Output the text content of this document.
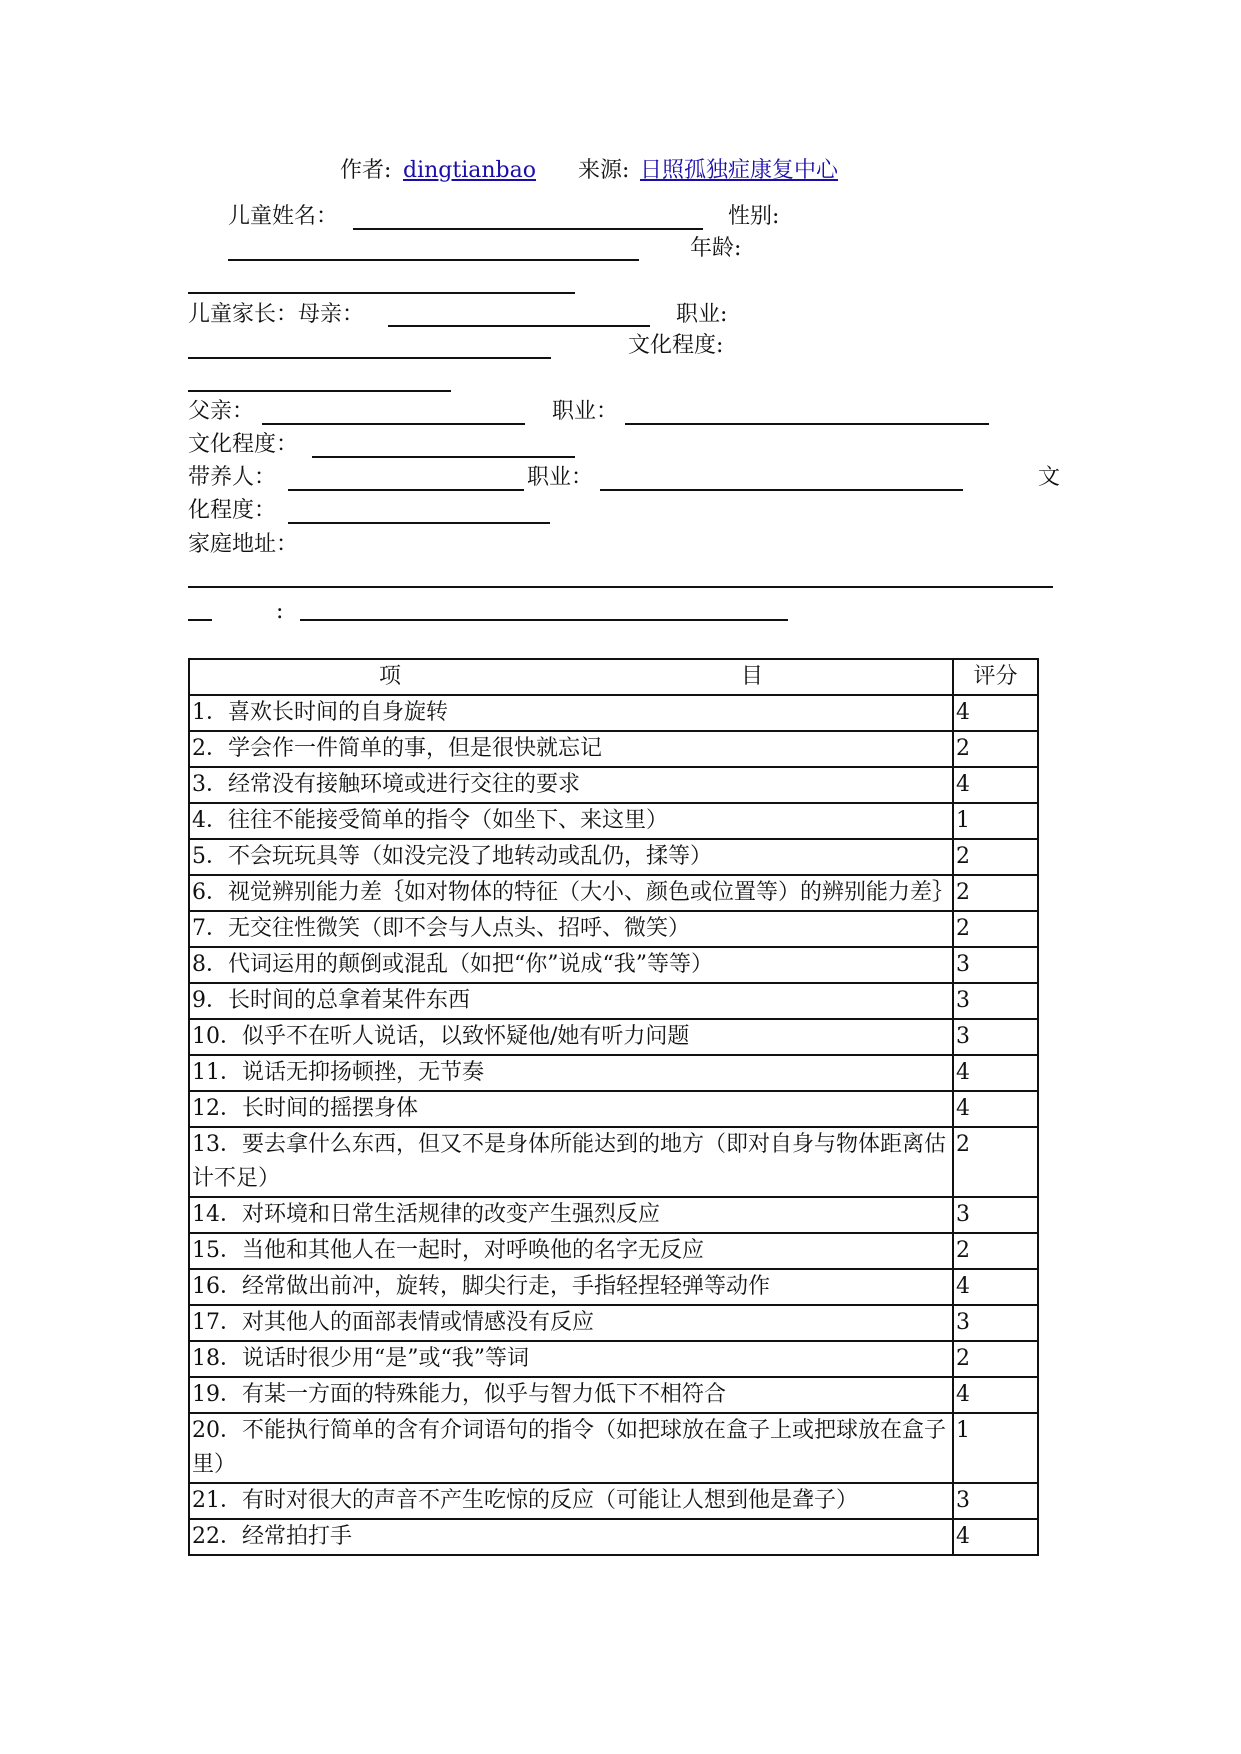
作者: dingtianbao 来源: 日照孤独症康复中心
儿童姓名：	性别:
年龄:
儿童家长：母亲：	职业:
文化程度:
父亲：	职业：
文化程度：
带养人：	职业：	文
化程度：
家庭地址：
:
项 目	评分
1．喜欢长时间的自身旋转	4
2．学会作一件简单的事，但是很快就忘记	2
3．经常没有接触环境或进行交往的要求	4
4．往往不能接受简单的指令（如坐下、来这里）	1
5．不会玩玩具等（如没完没了地转动或乱仍，揉等）	2
6．视觉辨别能力差｛如对物体的特征（大小、颜色或位置等）的辨别能力差｝	2
7．无交往性微笑（即不会与人点头、招呼、微笑）	2
8．代词运用的颠倒或混乱（如把“你”说成“我”等等）	3
9．长时间的总拿着某件东西	3
10．似乎不在听人说话，以致怀疑他/她有听力问题	3
11．说话无抑扬顿挫，无节奏	4
12．长时间的摇摆身体	4
13．要去拿什么东西，但又不是身体所能达到的地方（即对自身与物体距离估计不足）	2
14．对环境和日常生活规律的改变产生强烈反应	3
15．当他和其他人在一起时，对呼唤他的名字无反应	2
16．经常做出前冲，旋转，脚尖行走，手指轻捏轻弹等动作	4
17．对其他人的面部表情或情感没有反应	3
18．说话时很少用“是”或“我”等词	2
19．有某一方面的特殊能力，似乎与智力低下不相符合	4
20．不能执行简单的含有介词语句的指令（如把球放在盒子上或把球放在盒子里）	1
21．有时对很大的声音不产生吃惊的反应（可能让人想到他是聋子）	3
22．经常拍打手	4
